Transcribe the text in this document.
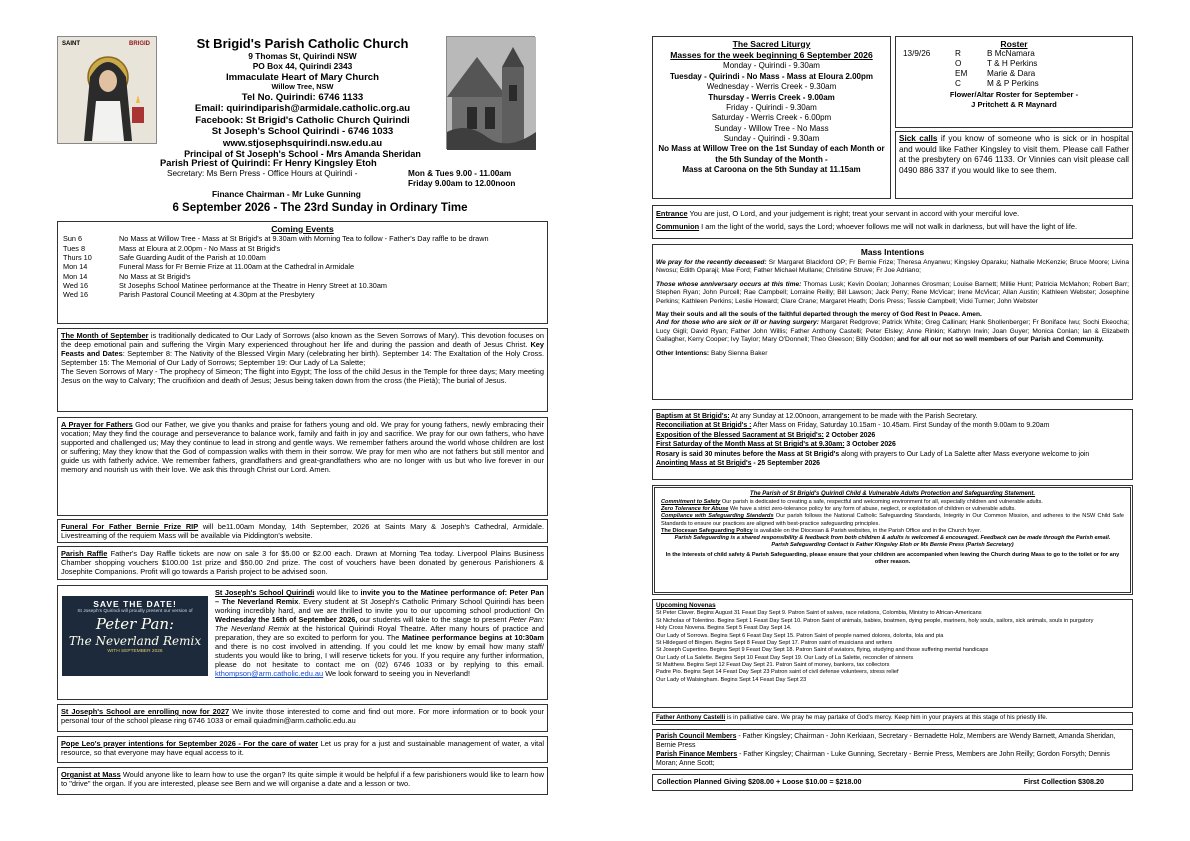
SAINT	BRIGID	St Brigid's Parish Catholic Church
9 Thomas St, Quirindi NSW
PO Box 44, Quirindi 2343
Immaculate Heart of Mary Church
Willow Tree, NSW
Tel No. Quirindi: 6746 1133
Email: quirindiparish@armidale.catholic.org.au
Facebook: St Brigid's Catholic Church Quirindi
St Joseph's School Quirindi - 6746 1033
www.stjosephsquirindi.nsw.edu.au
Principal of St Joseph's School - Mrs Amanda Sheridan
Parish Priest of Quirindi: Fr Henry Kingsley Etoh
Secretary: Ms Bern Press - Office Hours at Quirindi -	Mon & Tues 9.00 - 11.00am
Friday 9.00am to 12.00noon
Finance Chairman - Mr Luke Gunning
6 September 2026 - The 23rd Sunday in Ordinary Time
Coming Events
Sun 6	No Mass at Willow Tree - Mass at St Brigid's at 9.30am with Morning Tea to follow - Father's Day raffle to be drawn
Tues 8	Mass at Eloura at 2.00pm - No Mass at St Brigid's
Thurs 10	Safe Guarding Audit of the Parish at 10.00am
Mon 14	Funeral Mass for Fr Bernie Frize at 11.00am at the Cathedral in Armidale
Mon 14	No Mass at St Brigid's
Wed 16	St Josephs School Matinee performance at the Theatre in Henry Street at 10.30am
Wed 16	Parish Pastoral Council Meeting at 4.30pm at the Presbytery
The Month of September is traditionally dedicated to Our Lady of Sorrows (also known as the Seven Sorrows of Mary). This devotion focuses on the deep emotional pain and suffering the Virgin Mary experienced throughout her life and during the passion and death of Jesus Christ. Key Feasts and Dates: September 8: The Nativity of the Blessed Virgin Mary (celebrating her birth). September 14: The Exaltation of the Holy Cross. September 15: The Memorial of Our Lady of Sorrows; September 19: Our Lady of La Salette;
The Seven Sorrows of Mary - The prophecy of Simeon; The flight into Egypt; The loss of the child Jesus in the Temple for three days; Mary meeting Jesus on the way to Calvary; The crucifixion and death of Jesus; Jesus being taken down from the cross (the Pietà); The burial of Jesus.
A Prayer for Fathers God our Father, we give you thanks and praise for fathers young and old. We pray for young fathers, newly embracing their vocation; May they find the courage and perseverance to balance work, family and faith in joy and sacrifice. We pray for our own fathers, who have supported and challenged us; May they continue to lead in strong and gentle ways. We remember fathers around the world whose children are lost or suffering; May they know that the God of compassion walks with them in their sorrow. We pray for men who are not fathers but still mentor and guide us with fatherly advice. We remember fathers, grandfathers and great-grandfathers who are no longer with us but who live forever in our memory and nourish us with their love. We ask this through Christ our Lord. Amen.
Funeral For Father Bernie Frize RIP will be11.00am Monday, 14th September, 2026 at Saints Mary & Joseph's Cathedral, Armidale. Livestreaming of the requiem Mass will be available via Piddington's website.
Parish Raffle Father's Day Raffle tickets are now on sale 3 for $5.00 or $2.00 each. Drawn at Morning Tea today. Liverpool Plains Business Chamber shopping vouchers $100.00 1st prize and $50.00 2nd prize. The cost of vouchers have been donated by generous Parishioners & Josephite Companions. Profit will go towards a Parish project to be advised soon.
St Joseph's School Quirindi would like to invite you to the Matinee performance of: Peter Pan – The Neverland Remix. Every student at St Joseph's Catholic Primary School Quirindi has been working incredibly hard, and we are thrilled to invite you to our upcoming school production! On Wednesday the 16th of September 2026, our students will take to the stage to present Peter Pan: The Neverland Remix at the historical Quirindi Royal Theatre. After many hours of practice and preparation, they are so excited to perform for you. The Matinee performance begins at 10:30am and there is no cost involved in attending. If you could let me know by email how many staff/ students you would like to bring, I will reserve tickets for you. If you require any further information, please do not hesitate to contact me on (02) 6746 1033 or by replying to this email. kthompson@arm.catholic.edu.au We look forward to seeing you in Neverland!
SAVE THE DATE!
St Joseph's Quirindi will proudly present our version of
Peter Pan:
The Neverland Remix
WITH SEPTEMBER 2026
St Joseph's School are enrolling now for 2027 We invite those interested to come and find out more. For more information or to book your personal tour of the school please ring 6746 1033 or email quiadmin@arm.catholic.edu.au
Pope Leo's prayer intentions for September 2026 - For the care of water Let us pray for a just and sustainable management of water, a vital resource, so that everyone may have equal access to it.
Organist at Mass Would anyone like to learn how to use the organ? Its quite simple it would be helpful if a few parishioners would like to learn how to "drive" the organ. If you are interested, please see Bern and we will organise a date and a lesson or two.
The Sacred Liturgy
Masses for the week beginning 6 September 2026
Monday - Quirindi - 9.30am
Tuesday - Quirindi - No Mass - Mass at Eloura 2.00pm
Wednesday - Werris Creek - 9.30am
Thursday - Werris Creek - 9.00am
Friday - Quirindi - 9.30am
Saturday - Werris Creek - 6.00pm
Sunday - Willow Tree - No Mass
Sunday - Quirindi - 9.30am
No Mass at Willow Tree on the 1st Sunday of each Month or the 5th Sunday of the Month -
Mass at Caroona on the 5th Sunday at 11.15am
Roster
13/9/26	R	B McNamara
	O	T & H Perkins
	EM	Marie & Dara
	C	M & P Perkins
Flower/Altar Roster for September -
J Pritchett & R Maynard
Sick calls if you know of someone who is sick or in hospital and would like Father Kingsley to visit them. Please call Father at the presbytery on 6746 1133. Or Vinnies can visit please call 0490 886 337 if you would like to see them.
Entrance You are just, O Lord, and your judgement is right; treat your servant in accord with your merciful love.
Communion I am the light of the world, says the Lord; whoever follows me will not walk in darkness, but will have the light of life.
Mass Intentions
We pray for the recently deceased: Sr Margaret Blackford OP; Fr Bernie Frize; Theresa Anyanwu; Kingsley Oparaku; Nathalie McKenzie; Bruce Moore; Livina Nwosu; Edith Oparaji; Mae Ford; Father Michael Mullane; Christine Struve; Fr Joe Adriano;
Those whose anniversary occurs at this time: Thomas Lusk; Kevin Doolan; Johannes Grosman; Louise Barnett; Millie Hunt; Patricia McMahon; Robert Barr; Stephen Ryan; John Purcell; Rae Campbell; Lorraine Reilly; Bill Lawson; Jack Perry; Rene McVicar; Irene McVicar; Allan Austin; Kathleen Webster; Josephine Perkins; Kathleen Perkins; Leslie Howard; Clare Crane; Margaret Heath; Doris Press; Tessie Campbell; Vicki Turner; John Webster
May their souls and all the souls of the faithful departed through the mercy of God Rest In Peace. Amen.
And for those who are sick or ill or having surgery: Margaret Redgrove; Patrick White; Greg Callinan; Hank Shollenberger; Fr Boniface Iwu; Sochi Ekeocha; Lucy Gigli; David Ryan; Father John Willis; Father Anthony Castelli; Peter Elsley; Anne Rinkin; Kathryn Irwin; Joan Guyer; Monica Conlan; Ian & Elizabeth Gallagher, Kerry Cooper; Ivy Taylor; Mary O'Donnell; Theo Gleeson; Billy Godden; and for all our not so well members of our Parish and Community.
Other Intentions: Baby Sienna Baker
Baptism at St Brigid's: At any Sunday at 12.00noon, arrangement to be made with the Parish Secretary.
Reconciliation at St Brigid's : After Mass on Friday, Saturday 10.15am - 10.45am. First Sunday of the month 9.00am to 9.20am
Exposition of the Blessed Sacrament at St Brigid's: 2 October 2026
First Saturday of the Month Mass at St Brigid's at 9.30am: 3 October 2026
Rosary is said 30 minutes before the Mass at St Brigid's along with prayers to Our Lady of La Salette after Mass everyone welcome to join
Anointing Mass at St Brigid's - 25 September 2026
The Parish of St Brigid's Quirindi Child & Vulnerable Adults Protection and Safeguarding Statement.
Commitment to Safety Our parish is dedicated to creating a safe, respectful and welcoming environment for all, especially children and vulnerable adults.
Zero Tolerance for Abuse We have a strict zero-tolerance policy for any form of abuse, neglect, or exploitation of children or vulnerable adults.
Compliance with Safeguarding Standards Our parish follows the National Catholic Safeguarding Standards, Integrity in Our Common Mission, and adheres to the NSW Child Safe Standards to ensure our practices are aligned with best-practice safeguarding principles.
The Diocesan Safeguarding Policy is available on the Diocesan & Parish websites, in the Parish Office and in the Church foyer.
Parish Safeguarding is a shared responsibility & feedback from both children & adults is welcomed & encouraged. Feedback can be made through the Parish email.
Parish Safeguarding Contact is Father Kingsley Etoh or Ms Bernie Press (Parish Secretary)
In the interests of child safety & Parish Safeguarding, please ensure that your children are accompanied when leaving the Church during Mass to go to the toilet or for any other reason.
Upcoming Novenas
St Peter Claver. Begins August 31 Feast Day Sept 9. Patron Saint of salves, race relations, Colombia, Ministry to African-Americans
St Nicholas of Tolentino. Begins Sept 1 Feast Day Sept 10. Patron Saint of animals, babies, boatmen, dying people, mariners, holy souls, sailors, sick animals, souls in purgatory
Holy Cross Novena. Begins Sept 5 Feast Day Sept 14.
Our Lady of Sorrows. Begins Sept 6 Feast Day Sept 15. Patron Saint of people named dolores, dolorita, lola and pia
St Hildegard of Bingen. Begins Sept 8 Feast Day Sept 17. Patron saint of musicians and writers
St Joseph Cupertino. Begins Sept 9 Feast Day Sept 18. Patron Saint of aviators, flying, studying and those suffering mental handicaps
Our Lady of La Salette. Begins Sept 10 Feast Day Sept 19. Our Lady of La Salette, reconciler of sinners
St Matthew. Begins Sept 12 Feast Day Sept 21. Patron Saint of money, bankers, tax collectors
Padre Pio. Begins Sept 14 Feast Day Sept 23 Patron saint of civil defense volunteers, stress relief
Our Lady of Walsingham. Begins Sept 14 Feast Day Sept 23
Father Anthony Castelli is in palliative care. We pray he may partake of God's mercy. Keep him in your prayers at this stage of his priestly life.
Parish Council Members - Father Kingsley; Chairman - John Kerkiaan, Secretary - Bernadette Holz, Members are Wendy Barnett, Amanda Sheridan, Bernie Press
Parish Finance Members - Father Kingsley; Chairman - Luke Gunning, Secretary - Bernie Press, Members are John Reilly; Gordon Forsyth; Dennis Moran; Anne Scott;
Collection Planned Giving $208.00 + Loose $10.00 = $218.00	First Collection $308.20
